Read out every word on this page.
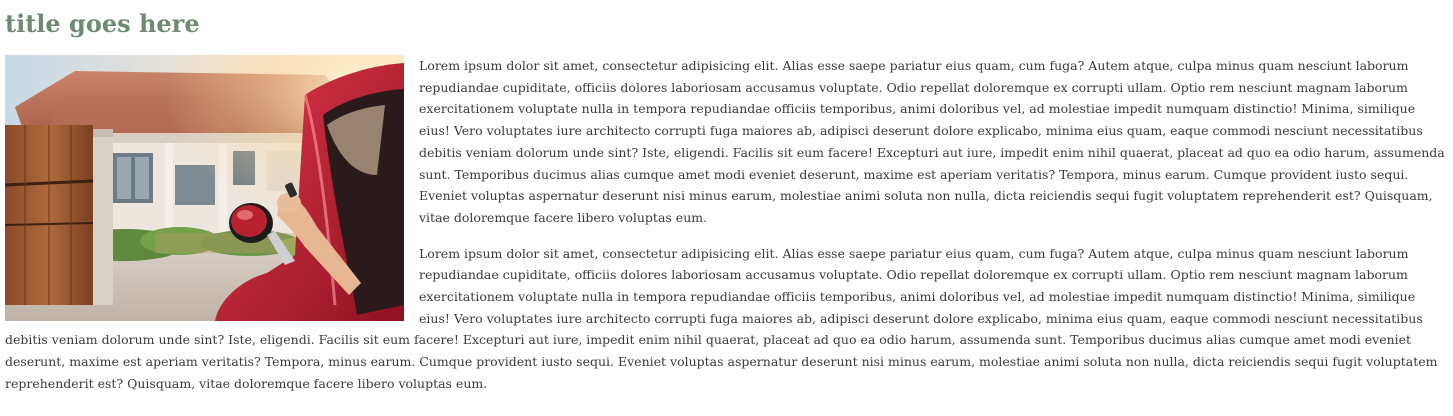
title goes here

Lorem ipsum dolor sit amet, consectetur adipisicing elit. Alias esse saepe pariatur eius quam, cum fuga? Autem atque, culpa minus quam nesciunt laborum repudiandae cupiditate, officiis dolores laboriosam accusamus voluptate. Odio repellat doloremque ex corrupti ullam. Optio rem nesciunt magnam laborum exercitationem voluptate nulla in tempora repudiandae officiis temporibus, animi doloribus vel, ad molestiae impedit numquam distinctio! Minima, similique eius! Vero voluptates iure architecto corrupti fuga maiores ab, adipisci deserunt dolore explicabo, minima eius quam, eaque commodi nesciunt necessitatibus debitis veniam dolorum unde sint? Iste, eligendi. Facilis sit eum facere! Excepturi aut iure, impedit enim nihil quaerat, placeat ad quo ea odio harum, assumenda sunt. Temporibus ducimus alias cumque amet modi eveniet deserunt, maxime est aperiam veritatis? Tempora, minus earum. Cumque provident iusto sequi. Eveniet voluptas aspernatur deserunt nisi minus earum, molestiae animi soluta non nulla, dicta reiciendis sequi fugit voluptatem reprehenderit est? Quisquam, vitae doloremque facere libero voluptas eum.

Lorem ipsum dolor sit amet, consectetur adipisicing elit. Alias esse saepe pariatur eius quam, cum fuga? Autem atque, culpa minus quam nesciunt laborum repudiandae cupiditate, officiis dolores laboriosam accusamus voluptate. Odio repellat doloremque ex corrupti ullam. Optio rem nesciunt magnam laborum exercitationem voluptate nulla in tempora repudiandae officiis temporibus, animi doloribus vel, ad molestiae impedit numquam distinctio! Minima, similique eius! Vero voluptates iure architecto corrupti fuga maiores ab, adipisci deserunt dolore explicabo, minima eius quam, eaque commodi nesciunt necessitatibus debitis veniam dolorum unde sint? Iste, eligendi. Facilis sit eum facere! Excepturi aut iure, impedit enim nihil quaerat, placeat ad quo ea odio harum, assumenda sunt. Temporibus ducimus alias cumque amet modi eveniet deserunt, maxime est aperiam veritatis? Tempora, minus earum. Cumque provident iusto sequi. Eveniet voluptas aspernatur deserunt nisi minus earum, molestiae animi soluta non nulla, dicta reiciendis sequi fugit voluptatem reprehenderit est? Quisquam, vitae doloremque facere libero voluptas eum.
